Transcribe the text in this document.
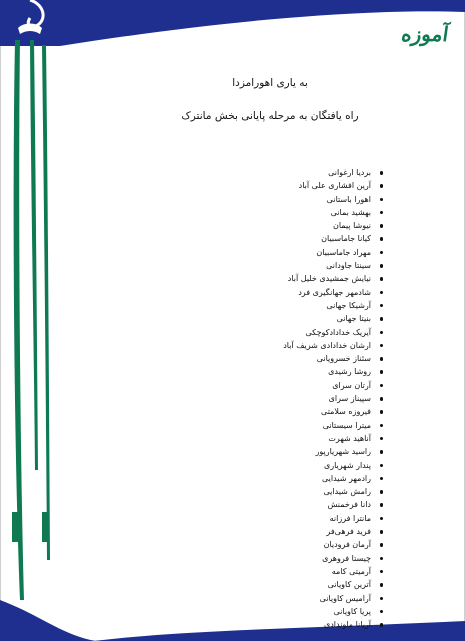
آموزه
به یاری اهورامزدا
راه یافتگان به مرحله پایانی بخش مانترک
بردیا ارغوانی
آرین افشاری علی آباد
اهورا باستانی
بهشید بمانی
نیوشا پیمان
کیانا جاماسبیان
مهراد جاماسبیان
سینتا جاودانی
نیایش جمشیدی خلیل آباد
شادمهر جهانگیری فرد
آرشیکا جهانی
بنیتا جهانی
آیریک خدادادکوچکی
ارشان خدادادی شریف آباد
سئناز خسرویانی
روشا رشیدی
آرتان سرای
سپیناز سرای
فیروزه سلامتی
میترا سیستانی
آناهید شهرت
راسید شهریارپور
پندار شهریاری
رادمهر شیدایی
رامش شیدایی
دانا فرخمنش
مانترا فرزانه
فرید فرهی‌فر
آرمان فرودیان
چیستا فروهری
آرمیتی کامه
آترین کاویانی
آرامیس کاویانی
پریا کاویانی
آریانا ماوندادی
